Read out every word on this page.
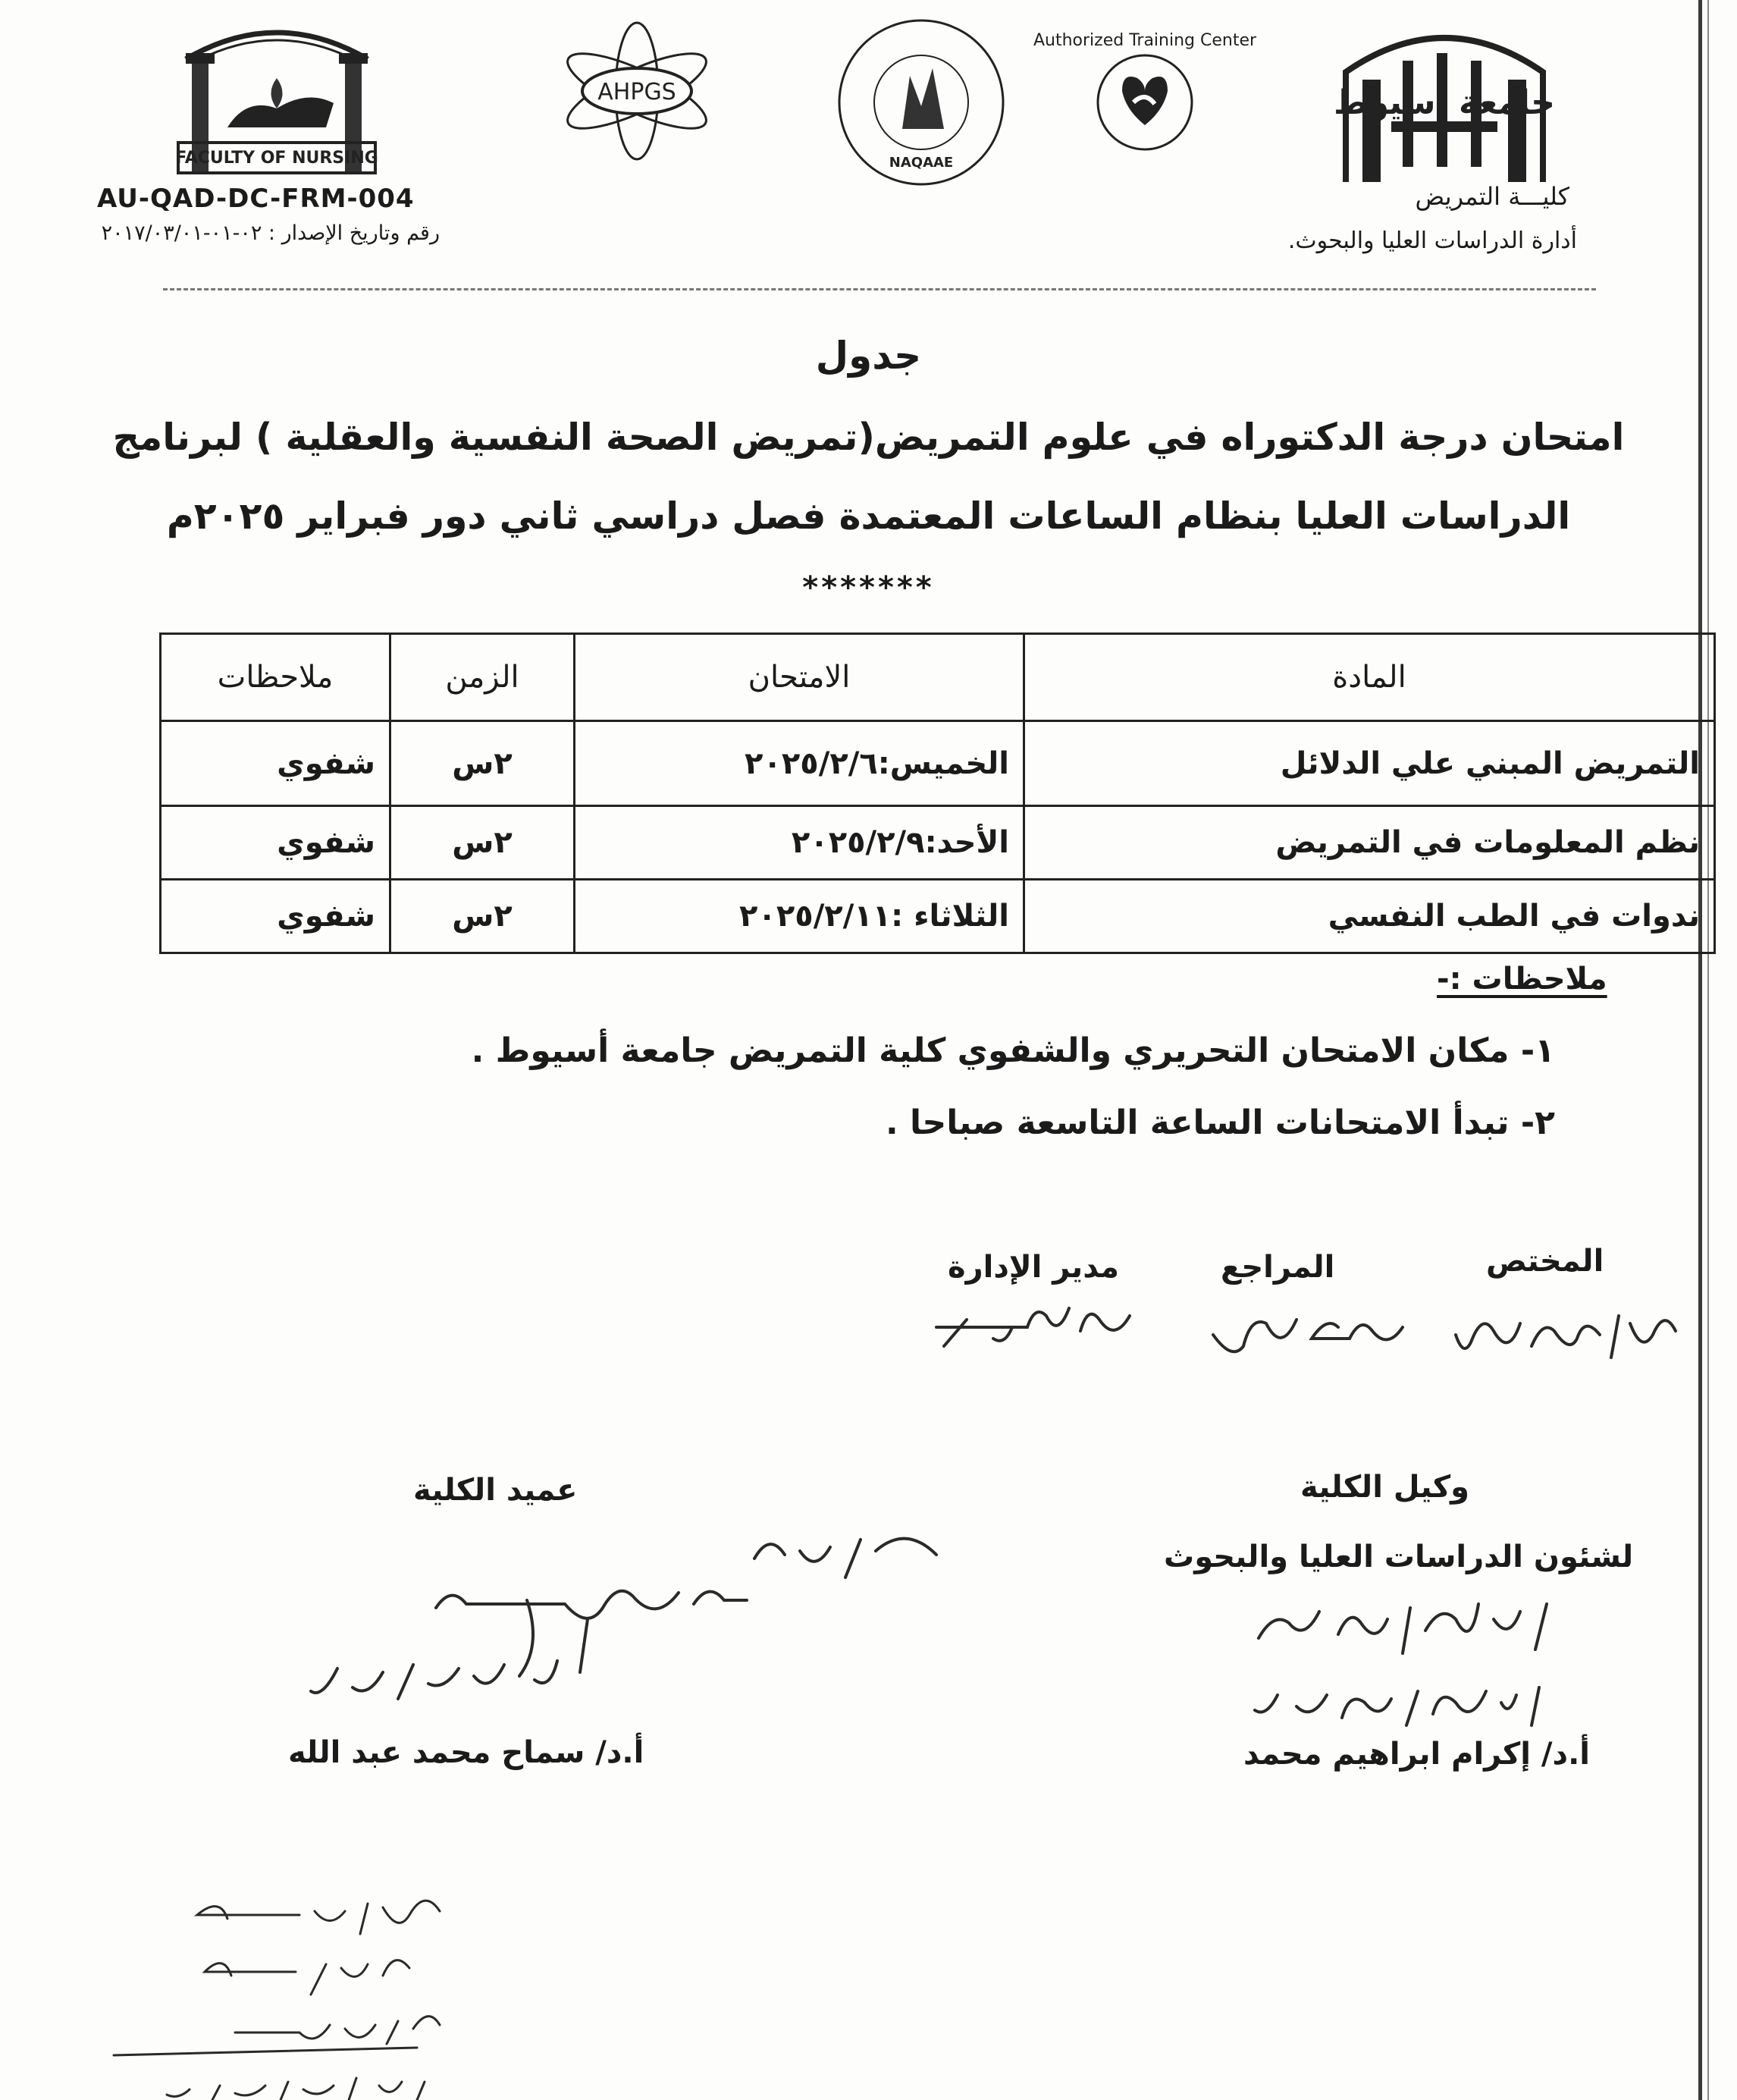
FACULTY OF NURSING
AHPGS
NAQAAE
Authorized Training Center
جامعة أسيوط
AU-QAD-DC-FRM-004
رقم وتاريخ الإصدار : ٠٢-٠١-٢٠١٧/٠٣/٠١
كليـــة التمريض
أدارة الدراسات العليا والبحوث.
جدول
امتحان درجة الدكتوراه في علوم التمريض(تمريض الصحة النفسية والعقلية ) لبرنامج
الدراسات العليا بنظام الساعات المعتمدة فصل دراسي ثاني دور فبراير ٢٠٢٥م
*******
المادة	الامتحان	الزمن	ملاحظات
التمريض المبني علي الدلائل	الخميس:٢٠٢٥/٢/٦	٢س	شفوي
نظم المعلومات في التمريض	الأحد:٢٠٢٥/٢/٩	٢س	شفوي
ندوات في الطب النفسي	الثلاثاء :٢٠٢٥/٢/١١	٢س	شفوي
ملاحظات :-
١- مكان الامتحان التحريري والشفوي كلية التمريض جامعة أسيوط .
٢- تبدأ الامتحانات الساعة التاسعة صباحا .
المختص
المراجع
مدير الإدارة
وكيل الكلية
لشئون الدراسات العليا والبحوث
أ.د/ إكرام ابراهيم محمد
عميد الكلية
أ.د/ سماح محمد عبد الله
